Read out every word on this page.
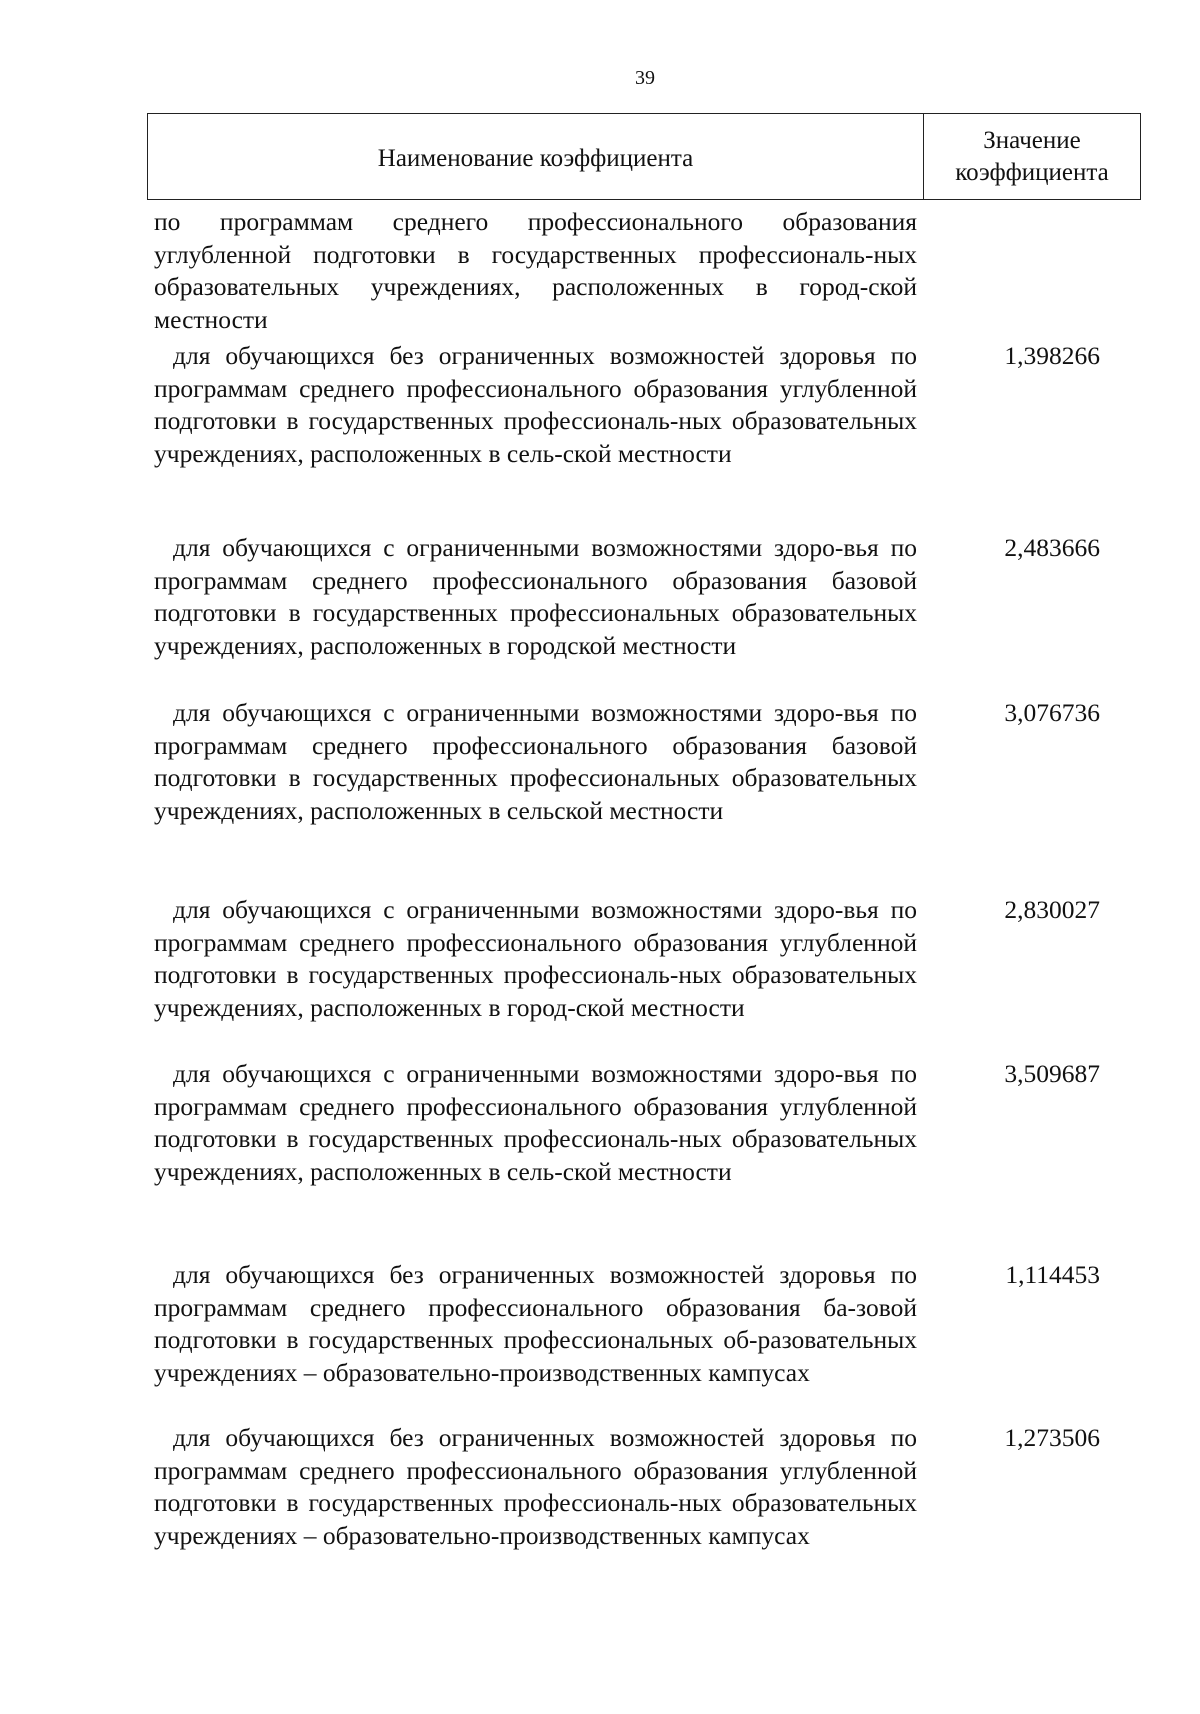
39
Наименование коэффициента
Значение
коэффициента
по программам среднего профессионального образования углубленной подготовки в государственных профессиональ-ных образовательных учреждениях, расположенных в город-ской местности
для обучающихся без ограниченных возможностей здоровья по программам среднего профессионального образования углубленной подготовки в государственных профессиональ-ных образовательных учреждениях, расположенных в сель-ской местности
1,398266
для обучающихся с ограниченными возможностями здоро-вья по программам среднего профессионального образования базовой подготовки в государственных профессиональных образовательных учреждениях, расположенных в городской местности
2,483666
для обучающихся с ограниченными возможностями здоро-вья по программам среднего профессионального образования базовой подготовки в государственных профессиональных образовательных учреждениях, расположенных в сельской местности
3,076736
для обучающихся с ограниченными возможностями здоро-вья по программам среднего профессионального образования углубленной подготовки в государственных профессиональ-ных образовательных учреждениях, расположенных в город-ской местности
2,830027
для обучающихся с ограниченными возможностями здоро-вья по программам среднего профессионального образования углубленной подготовки в государственных профессиональ-ных образовательных учреждениях, расположенных в сель-ской местности
3,509687
для обучающихся без ограниченных возможностей здоровья по программам среднего профессионального образования ба-зовой подготовки в государственных профессиональных об-разовательных учреждениях – образовательно-производственных кампусах
1,114453
для обучающихся без ограниченных возможностей здоровья по программам среднего профессионального образования углубленной подготовки в государственных профессиональ-ных образовательных учреждениях – образовательно-производственных кампусах
1,273506
